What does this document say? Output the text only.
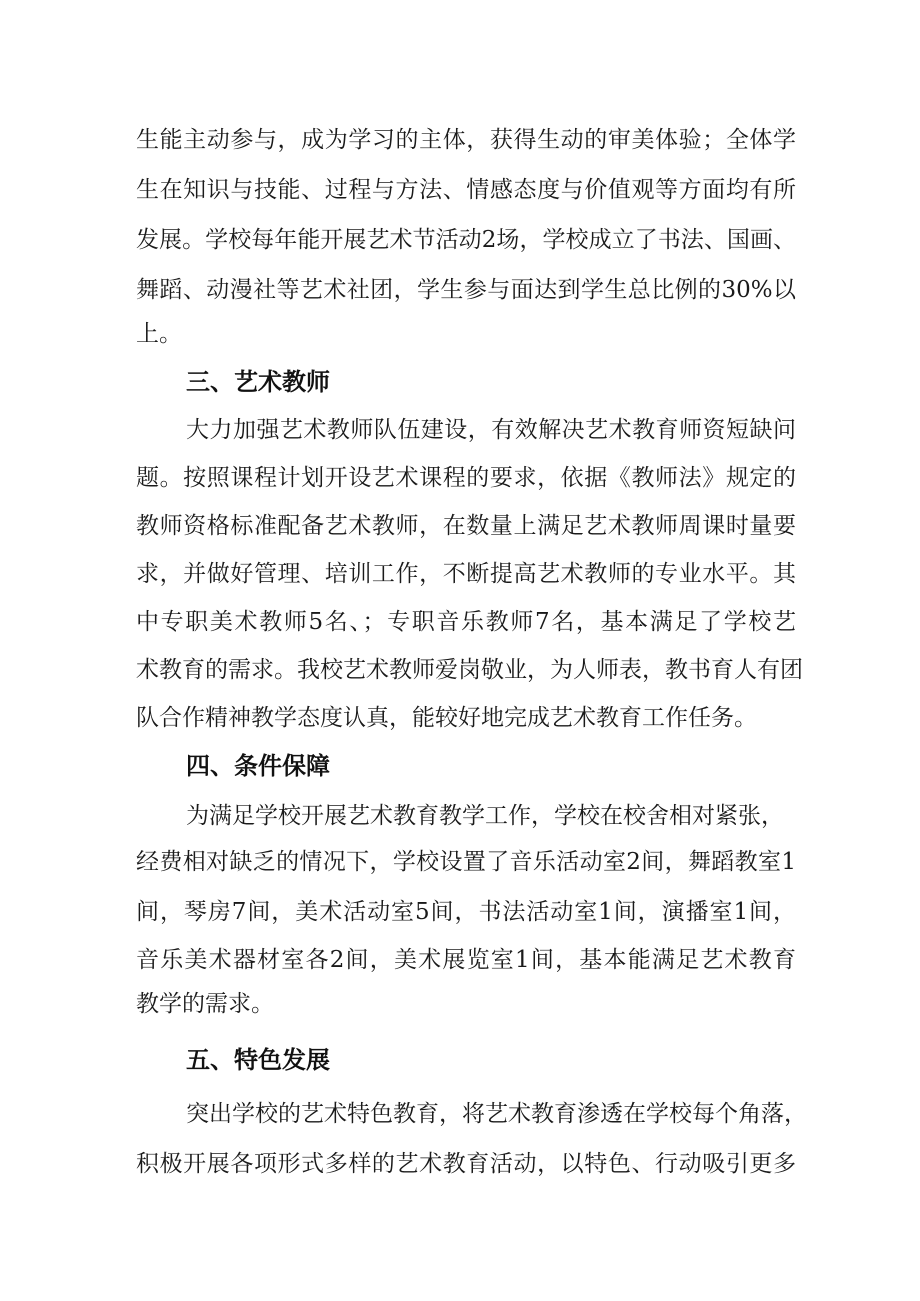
生能主动参与，成为学习的主体，获得生动的审美体验；全体学
生在知识与技能、过程与方法、情感态度与价值观等方面均有所
发展。学校每年能开展艺术节活动2场，学校成立了书法、国画、
舞蹈、动漫社等艺术社团，学生参与面达到学生总比例的30%以
上。
三、艺术教师
大力加强艺术教师队伍建设，有效解决艺术教育师资短缺问
题。按照课程计划开设艺术课程的要求，依据《教师法》规定的
教师资格标准配备艺术教师，在数量上满足艺术教师周课时量要
求，并做好管理、培训工作，不断提高艺术教师的专业水平。其
中专职美术教师5名、；专职音乐教师7名，基本满足了学校艺
术教育的需求。我校艺术教师爱岗敬业，为人师表，教书育人有团
队合作精神教学态度认真，能较好地完成艺术教育工作任务。
四、条件保障
为满足学校开展艺术教育教学工作，学校在校舍相对紧张，
经费相对缺乏的情况下，学校设置了音乐活动室2间，舞蹈教室1
间，琴房7间，美术活动室5间，书法活动室1间，演播室1间，
音乐美术器材室各2间，美术展览室1间，基本能满足艺术教育
教学的需求。
五、特色发展
突出学校的艺术特色教育，将艺术教育渗透在学校每个角落，
积极开展各项形式多样的艺术教育活动，以特色、行动吸引更多
